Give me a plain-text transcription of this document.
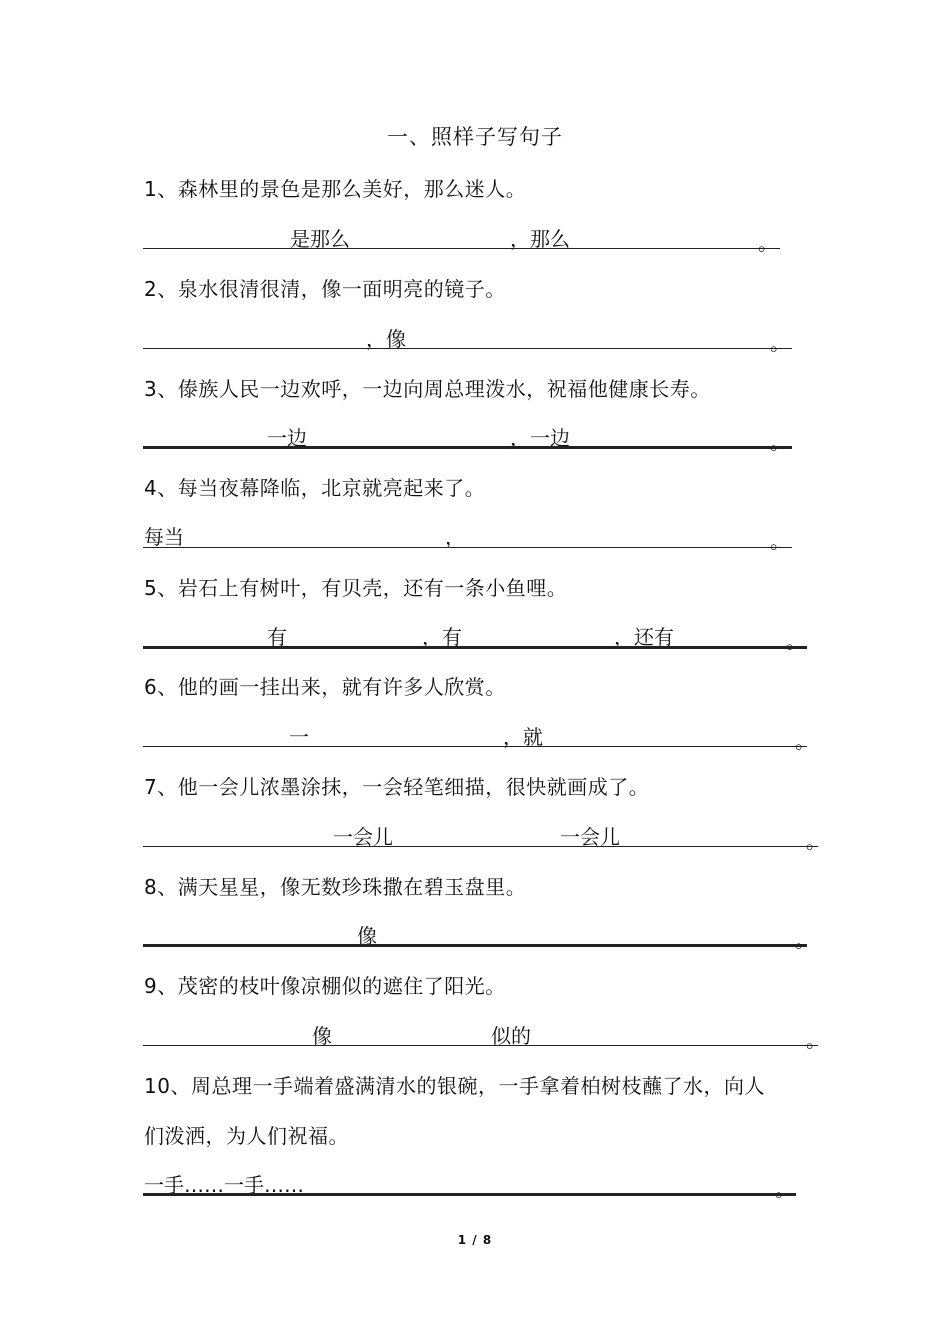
一、照样子写句子
1、森林里的景色是那么美好，那么迷人。
是那么	，那么	。
2、泉水很清很清，像一面明亮的镜子。
，像	。
3、傣族人民一边欢呼，一边向周总理泼水，祝福他健康长寿。
一边	，一边	。
4、每当夜幕降临，北京就亮起来了。
每当	，	。
5、岩石上有树叶，有贝壳，还有一条小鱼哩。
有	，有	，还有	。
6、他的画一挂出来，就有许多人欣赏。
一	，就	。
7、他一会儿浓墨涂抹，一会轻笔细描，很快就画成了。
一会儿	一会儿	。
8、满天星星，像无数珍珠撒在碧玉盘里。
像	。
9、茂密的枝叶像凉棚似的遮住了阳光。
像	似的	。
10、周总理一手端着盛满清水的银碗，一手拿着柏树枝蘸了水，向人
们泼洒，为人们祝福。
一手……一手……	。
1 / 8
